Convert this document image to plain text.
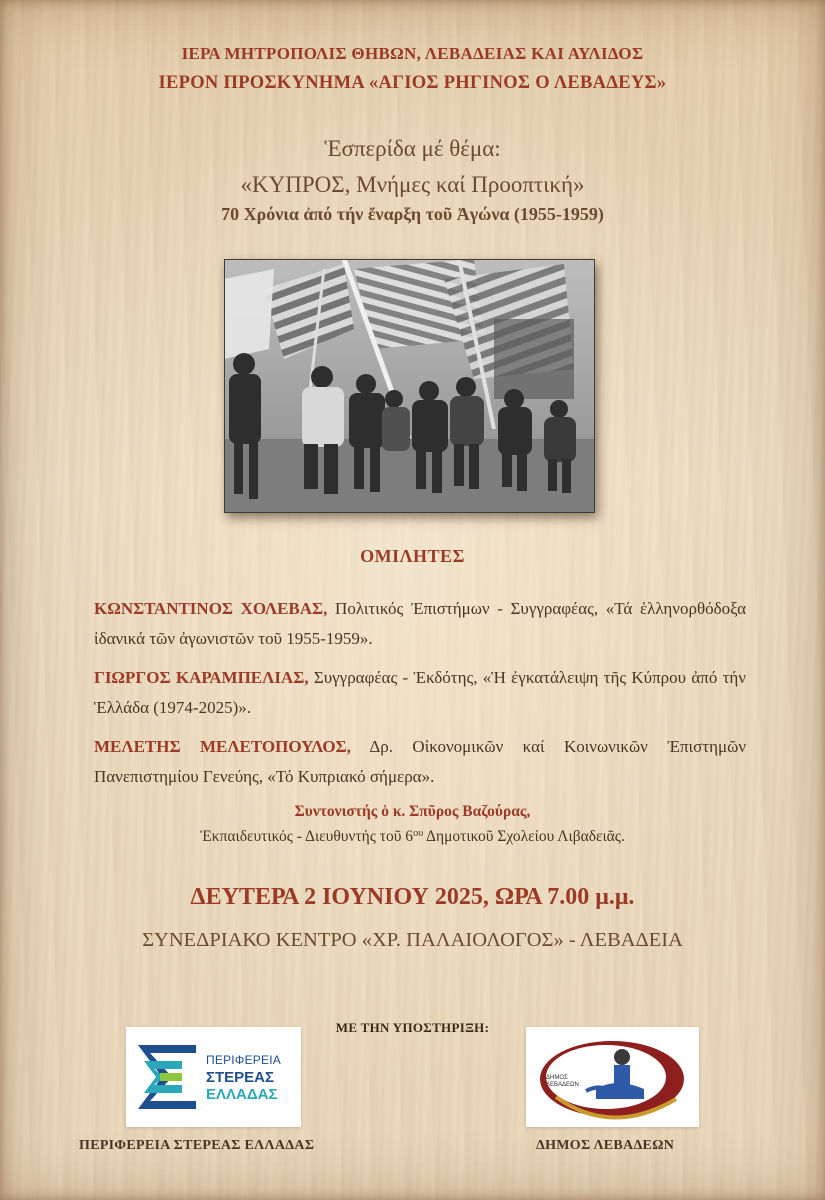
ΙΕΡΑ ΜΗΤΡΟΠΟΛΙΣ ΘΗΒΩΝ, ΛΕΒΑΔΕΙΑΣ ΚΑΙ ΑΥΛΙΔΟΣ
ΙΕΡΟΝ ΠΡΟΣΚΥΝΗΜΑ «ΑΓΙΟΣ ΡΗΓΙΝΟΣ Ο ΛΕΒΑΔΕΥΣ»
Ἑσπερίδα μέ θέμα:
«ΚΥΠΡΟΣ, Μνήμες καί Προοπτική»
70 Χρόνια ἀπό τήν ἔναρξη τοῦ Ἀγώνα (1955-1959)
ΟΜΙΛΗΤΕΣ
ΚΩΝΣΤΑΝΤΙΝΟΣ ΧΟΛΕΒΑΣ, Πολιτικός Ἐπιστήμων - Συγγραφέας, «Τά ἑλληνορθόδοξα ἰδανικά τῶν ἀγωνιστῶν τοῦ 1955-1959».
ΓΙΩΡΓΟΣ ΚΑΡΑΜΠΕΛΙΑΣ, Συγγραφέας - Ἐκδότης, «Ἡ ἐγκατάλειψη τῆς Κύπρου ἀπό τήν Ἑλλάδα (1974-2025)».
ΜΕΛΕΤΗΣ ΜΕΛΕΤΟΠΟΥΛΟΣ, Δρ. Οἰκονομικῶν καί Κοινωνικῶν Ἐπιστημῶν Πανεπιστημίου Γενεύης, «Τό Κυπριακό σήμερα».
Συντονιστής ὁ κ. Σπῦρος Βαζούρας,
Ἐκπαιδευτικός - Διευθυντής τοῦ $6^{o\upsilon}$ Δημοτικοῦ Σχολείου Λιβαδειᾶς.
ΔΕΥΤΕΡΑ 2 ΙΟΥΝΙΟΥ 2025, ΩΡΑ 7.00 μ.μ.
ΣΥΝΕΔΡΙΑΚΟ ΚΕΝΤΡΟ «ΧΡ. ΠΑΛΑΙΟΛΟΓΟΣ» - ΛΕΒΑΔΕΙΑ
ΜΕ ΤΗΝ ΥΠΟΣΤΗΡΙΞΗ:
ΠΕΡΙΦΕΡΕΙΑ
ΣΤΕΡΕΑΣ
ΕΛΛΑΔΑΣ
ΔΗΜΟΣ ΛΕΒΑΔΕΩΝ
ΠΕΡΙΦΕΡΕΙΑ ΣΤΕΡΕΑΣ ΕΛΛΑΔΑΣ	ΔΗΜΟΣ ΛΕΒΑΔΕΩΝ
